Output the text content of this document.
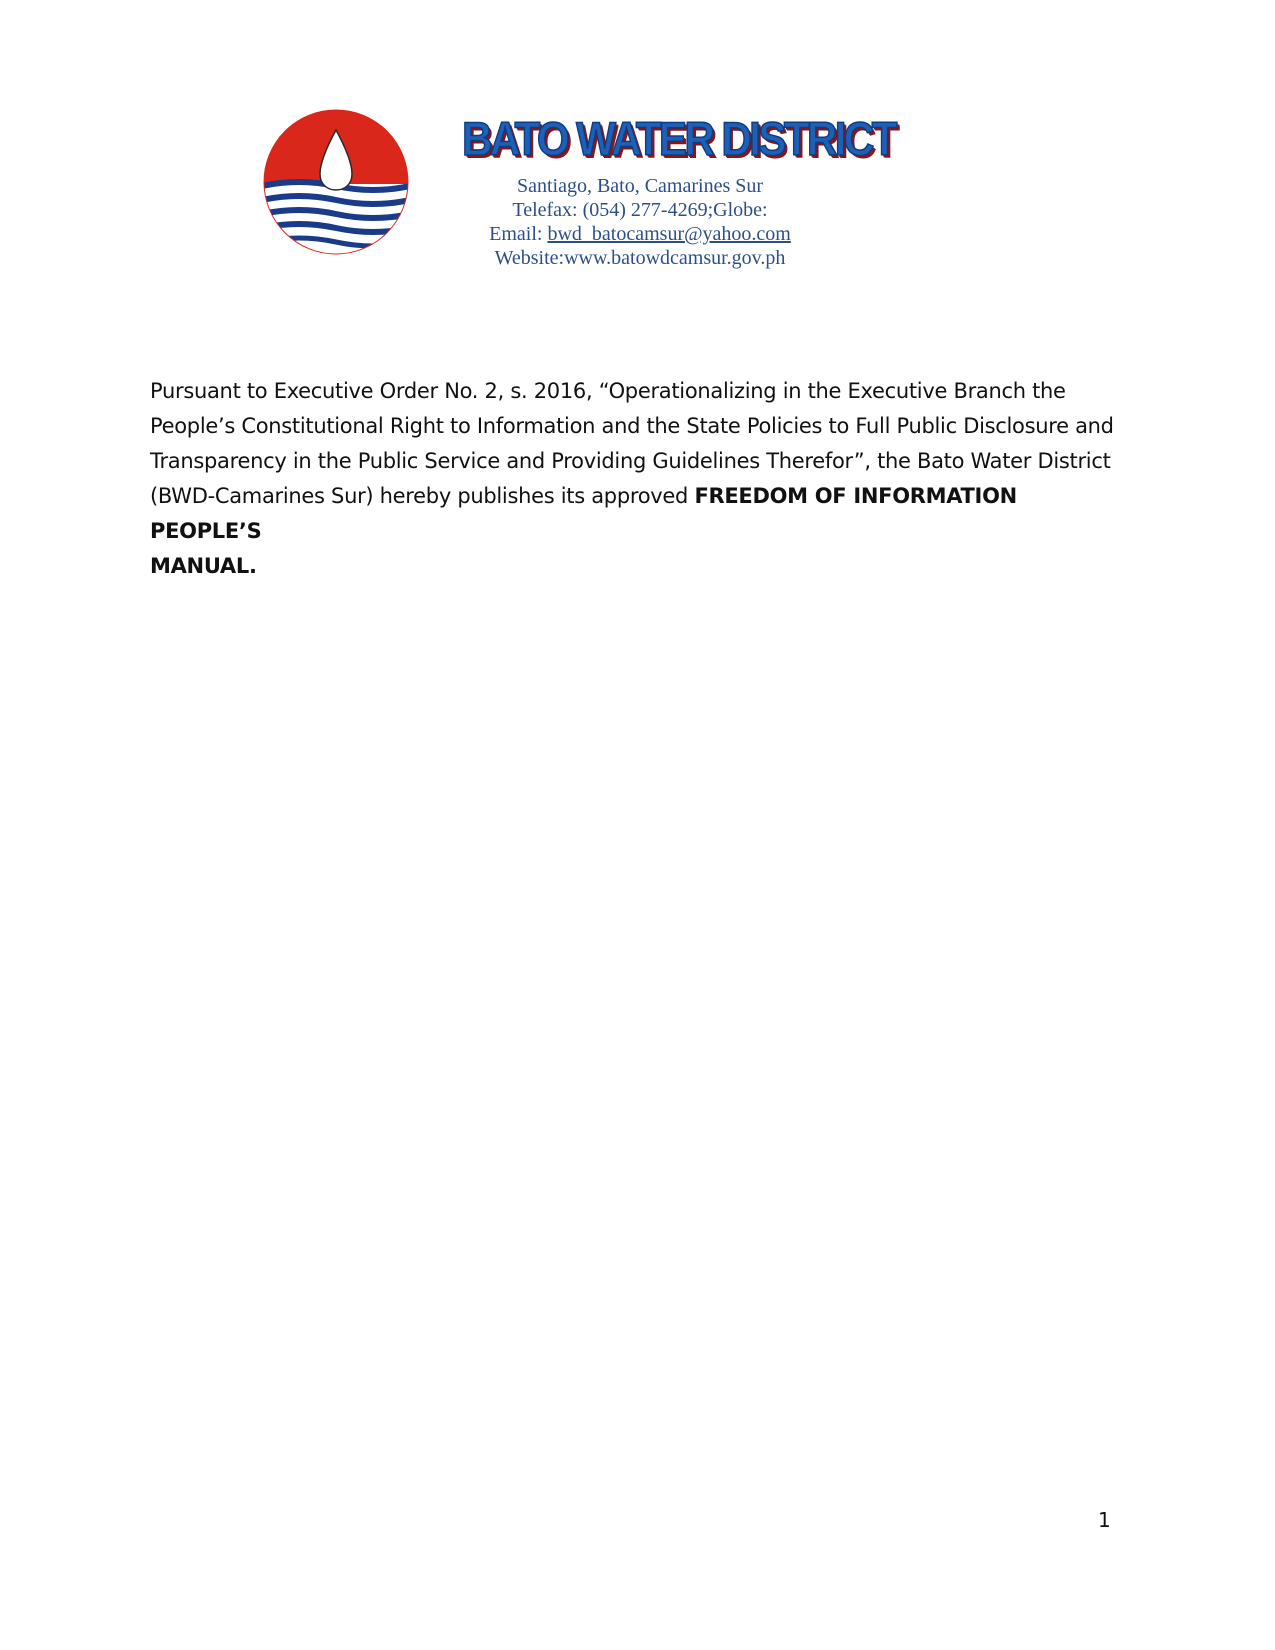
BATO WATER DISTRICT
Santiago, Bato, Camarines Sur
Telefax: (054) 277-4269;Globe:
Email: bwd_batocamsur@yahoo.com
Website:www.batowdcamsur.gov.ph
Pursuant to Executive Order No. 2, s. 2016, “Operationalizing in the Executive Branch the
People’s Constitutional Right to Information and the State Policies to Full Public Disclosure and
Transparency in the Public Service and Providing Guidelines Therefor”, the Bato Water District
(BWD-Camarines Sur) hereby publishes its approved FREEDOM OF INFORMATION PEOPLE’S
MANUAL.
1
